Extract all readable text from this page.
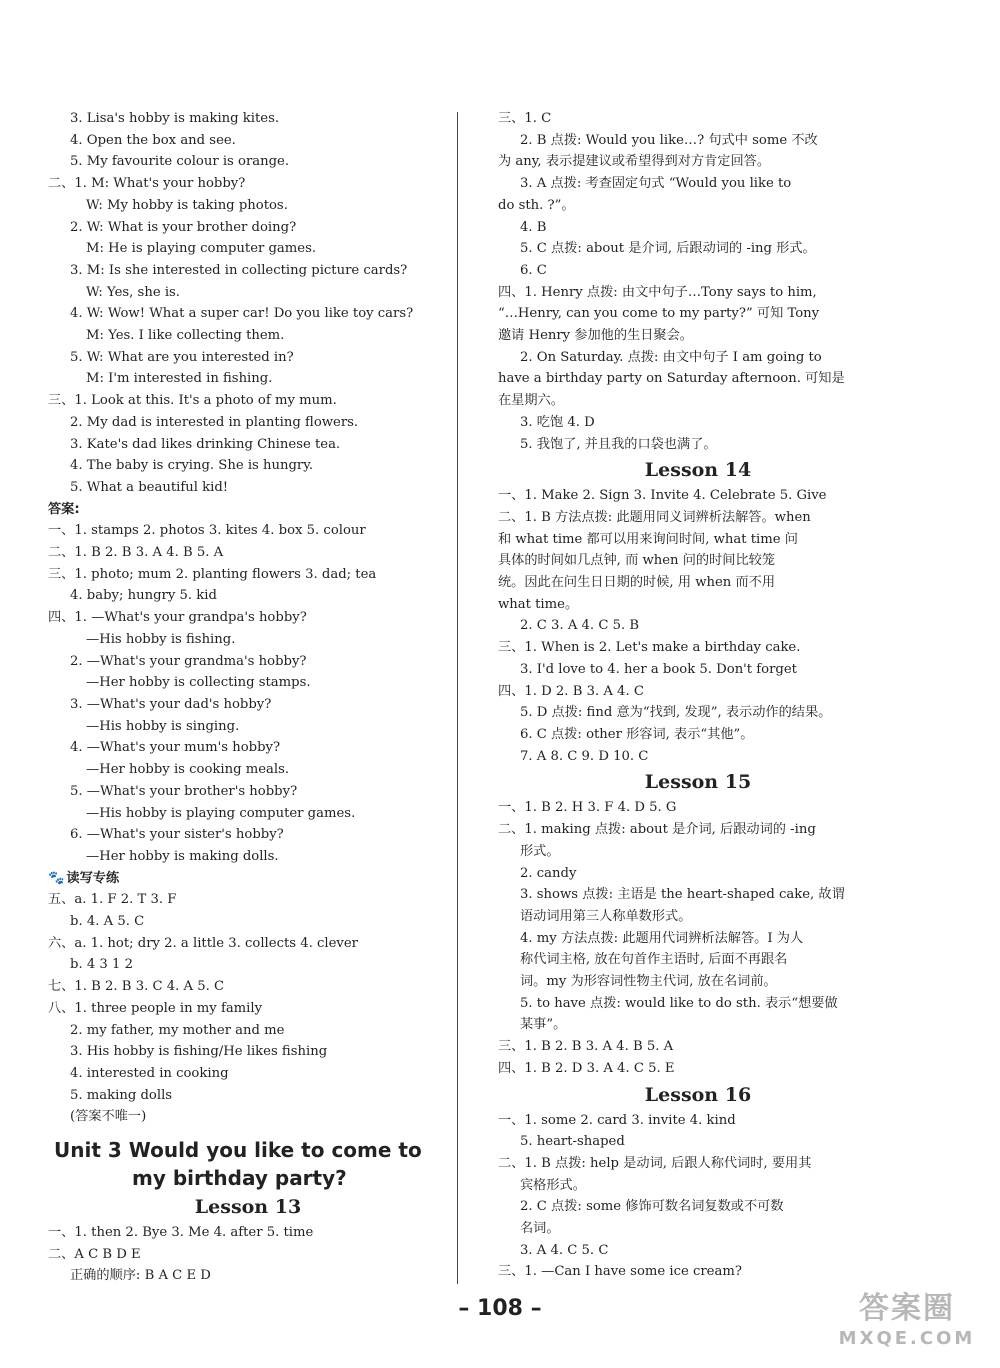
3. Lisa's hobby is making kites.
4. Open the box and see.
5. My favourite colour is orange.
二、1. M: What's your hobby?
W: My hobby is taking photos.
2. W: What is your brother doing?
M: He is playing computer games.
3. M: Is she interested in collecting picture cards?
W: Yes, she is.
4. W: Wow! What a super car! Do you like toy cars?
M: Yes. I like collecting them.
5. W: What are you interested in?
M: I'm interested in fishing.
三、1. Look at this. It's a photo of my mum.
2. My dad is interested in planting flowers.
3. Kate's dad likes drinking Chinese tea.
4. The baby is crying. She is hungry.
5. What a beautiful kid!
答案:
一、1. stamps 2. photos 3. kites 4. box 5. colour
二、1. B 2. B 3. A 4. B 5. A
三、1. photo; mum 2. planting flowers 3. dad; tea
4. baby; hungry 5. kid
四、1. —What's your grandpa's hobby?
—His hobby is fishing.
2. —What's your grandma's hobby?
—Her hobby is collecting stamps.
3. —What's your dad's hobby?
—His hobby is singing.
4. —What's your mum's hobby?
—Her hobby is cooking meals.
5. —What's your brother's hobby?
—His hobby is playing computer games.
6. —What's your sister's hobby?
—Her hobby is making dolls.
🐾 读写专练
五、a. 1. F 2. T 3. F
b. 4. A 5. C
六、a. 1. hot; dry 2. a little 3. collects 4. clever
b. 4 3 1 2
七、1. B 2. B 3. C 4. A 5. C
八、1. three people in my family
2. my father, my mother and me
3. His hobby is fishing/He likes fishing
4. interested in cooking
5. making dolls
(答案不唯一)
Unit 3 Would you like to come to
my birthday party?
Lesson 13
一、1. then 2. Bye 3. Me 4. after 5. time
二、A C B D E
正确的顺序: B A C E D
三、1. C
2. B 点拨: Would you like…? 句式中 some 不改
为 any, 表示提建议或希望得到对方肯定回答。
3. A 点拨: 考查固定句式 “Would you like to
do sth. ?”。
4. B
5. C 点拨: about 是介词, 后跟动词的 -ing 形式。
6. C
四、1. Henry 点拨: 由文中句子…Tony says to him,
“…Henry, can you come to my party?” 可知 Tony
邀请 Henry 参加他的生日聚会。
2. On Saturday. 点拨: 由文中句子 I am going to
have a birthday party on Saturday afternoon. 可知是
在星期六。
3. 吃饱 4. D
5. 我饱了, 并且我的口袋也满了。
Lesson 14
一、1. Make 2. Sign 3. Invite 4. Celebrate 5. Give
二、1. B 方法点拨: 此题用同义词辨析法解答。when
和 what time 都可以用来询问时间, what time 问
具体的时间如几点钟, 而 when 问的时间比较笼
统。因此在问生日日期的时候, 用 when 而不用
what time。
2. C 3. A 4. C 5. B
三、1. When is 2. Let's make a birthday cake.
3. I'd love to 4. her a book 5. Don't forget
四、1. D 2. B 3. A 4. C
5. D 点拨: find 意为“找到, 发现”, 表示动作的结果。
6. C 点拨: other 形容词, 表示“其他”。
7. A 8. C 9. D 10. C
Lesson 15
一、1. B 2. H 3. F 4. D 5. G
二、1. making 点拨: about 是介词, 后跟动词的 -ing
形式。
2. candy
3. shows 点拨: 主语是 the heart-shaped cake, 故谓
语动词用第三人称单数形式。
4. my 方法点拨: 此题用代词辨析法解答。I 为人
称代词主格, 放在句首作主语时, 后面不再跟名
词。my 为形容词性物主代词, 放在名词前。
5. to have 点拨: would like to do sth. 表示“想要做
某事”。
三、1. B 2. B 3. A 4. B 5. A
四、1. B 2. D 3. A 4. C 5. E
Lesson 16
一、1. some 2. card 3. invite 4. kind
5. heart-shaped
二、1. B 点拨: help 是动词, 后跟人称代词时, 要用其
宾格形式。
2. C 点拨: some 修饰可数名词复数或不可数
名词。
3. A 4. C 5. C
三、1. —Can I have some ice cream?
– 108 –	答案圈
MXQE.COM
